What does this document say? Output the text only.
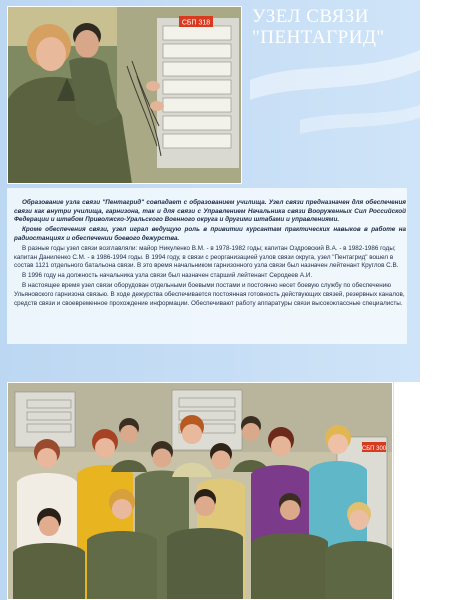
СБП 318 УЗЕЛ СВЯЗИ
"ПЕНТАГРИД"

Образование узла связи "Пентагрид" совпадает с образованием училища. Узел связи предназначен для обеспечения связи как внутри училища, гарнизона, так и для связи с Управлением Начальника связи Вооруженных Сил Российской Федерации и штабом Приволжско-Уральского Военного округа и другими штабами и управлениями.

Кроме обеспечения связи, узел играл ведущую роль в привитии курсантам практических навыков в работе на радиостанциях и обеспечении боевого дежурства.

В разные годы узел связи возглавляли: майор Никуленко В.М. - в 1978-1982 годы; капитан Оздровский В.А. - в 1982-1986 годы; капитан Даниленко С.М. - в 1986-1994 годы. В 1994 году, в связи с реорганизацией узлов связи округа, узел "Пентагрид" вошел в состав 1121 отдельного батальона связи. В это время начальником гарнизонного узла связи был назначен лейтенант Круглов С.В.

В 1996 году на должность начальника узла связи был назначен старший лейтенант Серодеев А.И.

В настоящее время узел связи оборудован отдельными боевыми постами и постоянно несет боевую службу по обеспечению Ульяновского гарнизона связью. В ходе дежурства обеспечивается постоянная готовность действующих связей, резервных каналов, средств связи и своевременное прохождение информации. Обеспечивают работу аппаратуры связи высококлассные специалисты.

СБП 300
